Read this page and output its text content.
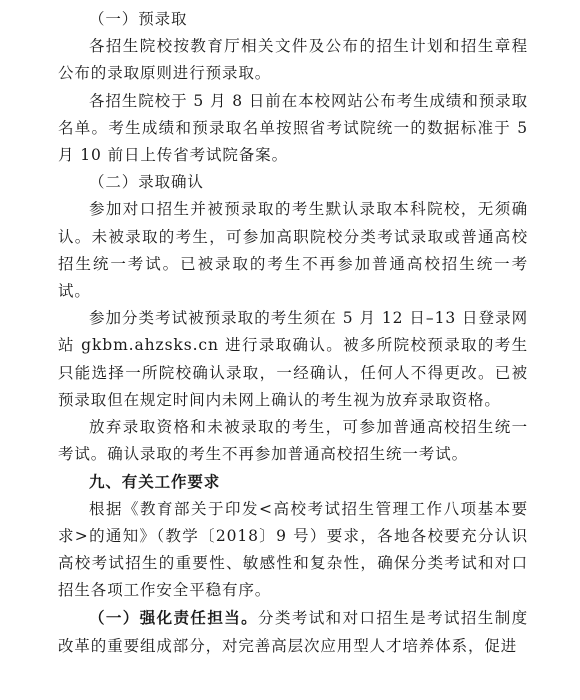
（一）预录取

各招生院校按教育厅相关文件及公布的招生计划和招生章程公布的录取原则进行预录取。

各招生院校于 5 月 8 日前在本校网站公布考生成绩和预录取名单。考生成绩和预录取名单按照省考试院统一的数据标准于 5 月 10 前日上传省考试院备案。

（二）录取确认

参加对口招生并被预录取的考生默认录取本科院校，无须确认。未被录取的考生，可参加高职院校分类考试录取或普通高校招生统一考试。已被录取的考生不再参加普通高校招生统一考试。

参加分类考试被预录取的考生须在 5 月 12 日–13 日登录网站 gkbm.ahzsks.cn 进行录取确认。被多所院校预录取的考生只能选择一所院校确认录取，一经确认，任何人不得更改。已被预录取但在规定时间内未网上确认的考生视为放弃录取资格。

放弃录取资格和未被录取的考生，可参加普通高校招生统一考试。确认录取的考生不再参加普通高校招生统一考试。

九、有关工作要求

根据《教育部关于印发<高校考试招生管理工作八项基本要求>的通知》（教学〔2018〕9 号）要求，各地各校要充分认识高校考试招生的重要性、敏感性和复杂性，确保分类考试和对口招生各项工作安全平稳有序。

（一）强化责任担当。分类考试和对口招生是考试招生制度改革的重要组成部分，对完善高层次应用型人才培养体系，促进
